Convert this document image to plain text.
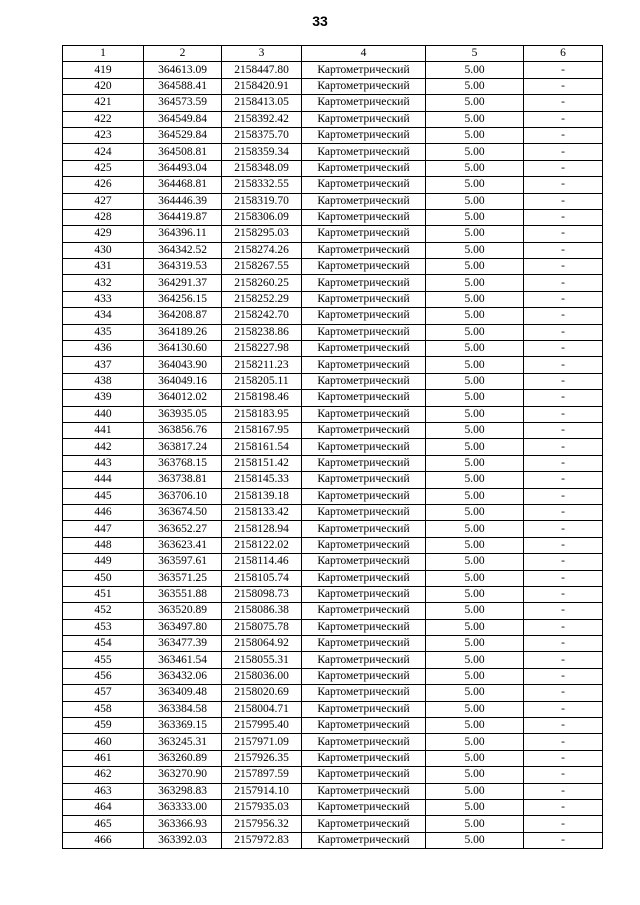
33
1	2	3	4	5	6
419	364613.09	2158447.80	Картометрический	5.00	-
420	364588.41	2158420.91	Картометрический	5.00	-
421	364573.59	2158413.05	Картометрический	5.00	-
422	364549.84	2158392.42	Картометрический	5.00	-
423	364529.84	2158375.70	Картометрический	5.00	-
424	364508.81	2158359.34	Картометрический	5.00	-
425	364493.04	2158348.09	Картометрический	5.00	-
426	364468.81	2158332.55	Картометрический	5.00	-
427	364446.39	2158319.70	Картометрический	5.00	-
428	364419.87	2158306.09	Картометрический	5.00	-
429	364396.11	2158295.03	Картометрический	5.00	-
430	364342.52	2158274.26	Картометрический	5.00	-
431	364319.53	2158267.55	Картометрический	5.00	-
432	364291.37	2158260.25	Картометрический	5.00	-
433	364256.15	2158252.29	Картометрический	5.00	-
434	364208.87	2158242.70	Картометрический	5.00	-
435	364189.26	2158238.86	Картометрический	5.00	-
436	364130.60	2158227.98	Картометрический	5.00	-
437	364043.90	2158211.23	Картометрический	5.00	-
438	364049.16	2158205.11	Картометрический	5.00	-
439	364012.02	2158198.46	Картометрический	5.00	-
440	363935.05	2158183.95	Картометрический	5.00	-
441	363856.76	2158167.95	Картометрический	5.00	-
442	363817.24	2158161.54	Картометрический	5.00	-
443	363768.15	2158151.42	Картометрический	5.00	-
444	363738.81	2158145.33	Картометрический	5.00	-
445	363706.10	2158139.18	Картометрический	5.00	-
446	363674.50	2158133.42	Картометрический	5.00	-
447	363652.27	2158128.94	Картометрический	5.00	-
448	363623.41	2158122.02	Картометрический	5.00	-
449	363597.61	2158114.46	Картометрический	5.00	-
450	363571.25	2158105.74	Картометрический	5.00	-
451	363551.88	2158098.73	Картометрический	5.00	-
452	363520.89	2158086.38	Картометрический	5.00	-
453	363497.80	2158075.78	Картометрический	5.00	-
454	363477.39	2158064.92	Картометрический	5.00	-
455	363461.54	2158055.31	Картометрический	5.00	-
456	363432.06	2158036.00	Картометрический	5.00	-
457	363409.48	2158020.69	Картометрический	5.00	-
458	363384.58	2158004.71	Картометрический	5.00	-
459	363369.15	2157995.40	Картометрический	5.00	-
460	363245.31	2157971.09	Картометрический	5.00	-
461	363260.89	2157926.35	Картометрический	5.00	-
462	363270.90	2157897.59	Картометрический	5.00	-
463	363298.83	2157914.10	Картометрический	5.00	-
464	363333.00	2157935.03	Картометрический	5.00	-
465	363366.93	2157956.32	Картометрический	5.00	-
466	363392.03	2157972.83	Картометрический	5.00	-
